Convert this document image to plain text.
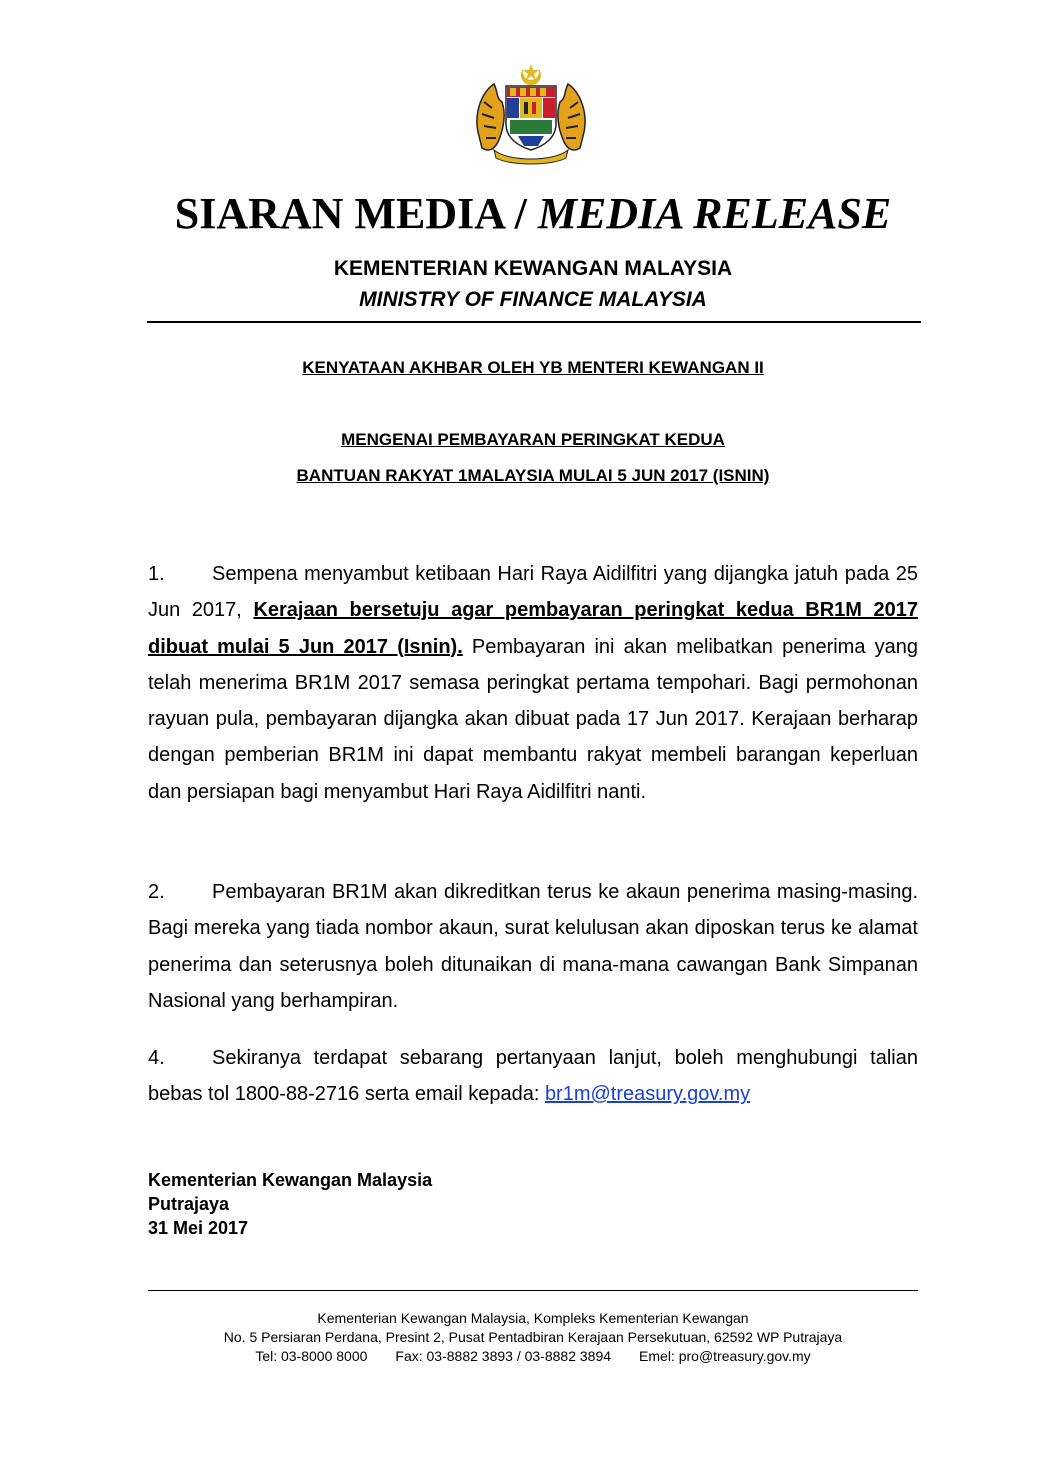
SIARAN MEDIA / MEDIA RELEASE
KEMENTERIAN KEWANGAN MALAYSIA
MINISTRY OF FINANCE MALAYSIA
KENYATAAN AKHBAR OLEH YB MENTERI KEWANGAN II
MENGENAI PEMBAYARAN PERINGKAT KEDUA
BANTUAN RAKYAT 1MALAYSIA MULAI 5 JUN 2017 (ISNIN)
1. Sempena menyambut ketibaan Hari Raya Aidilfitri yang dijangka jatuh pada 25 Jun 2017, Kerajaan bersetuju agar pembayaran peringkat kedua BR1M 2017 dibuat mulai 5 Jun 2017 (Isnin). Pembayaran ini akan melibatkan penerima yang telah menerima BR1M 2017 semasa peringkat pertama tempohari. Bagi permohonan rayuan pula, pembayaran dijangka akan dibuat pada 17 Jun 2017. Kerajaan berharap dengan pemberian BR1M ini dapat membantu rakyat membeli barangan keperluan dan persiapan bagi menyambut Hari Raya Aidilfitri nanti.
2. Pembayaran BR1M akan dikreditkan terus ke akaun penerima masing-masing. Bagi mereka yang tiada nombor akaun, surat kelulusan akan diposkan terus ke alamat penerima dan seterusnya boleh ditunaikan di mana-mana cawangan Bank Simpanan Nasional yang berhampiran.
4. Sekiranya terdapat sebarang pertanyaan lanjut, boleh menghubungi talian bebas tol 1800-88-2716 serta email kepada: br1m@treasury.gov.my
Kementerian Kewangan Malaysia
Putrajaya
31 Mei 2017
Kementerian Kewangan Malaysia, Kompleks Kementerian Kewangan
No. 5 Persiaran Perdana, Presint 2, Pusat Pentadbiran Kerajaan Persekutuan, 62592 WP Putrajaya
Tel: 03-8000 8000 Fax: 03-8882 3893 / 03-8882 3894 Emel: pro@treasury.gov.my
